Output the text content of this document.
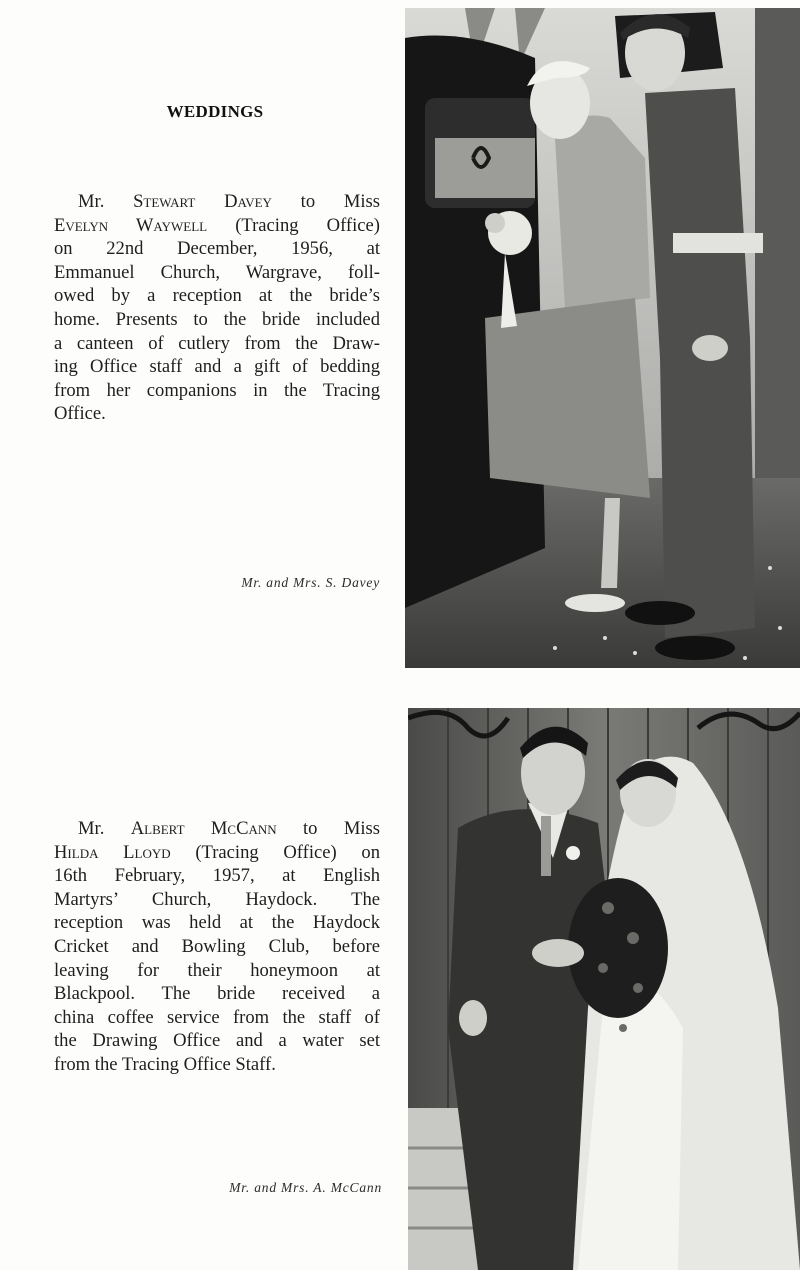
WEDDINGS
Mr. Stewart Davey to Miss
Evelyn Waywell (Tracing Office)
on 22nd December, 1956, at
Emmanuel Church, Wargrave, foll-
owed by a reception at the bride’s
home. Presents to the bride included
a canteen of cutlery from the Draw-
ing Office staff and a gift of bedding
from her companions in the Tracing
Office.
Mr. and Mrs. S. Davey
Mr. Albert McCann to Miss
Hilda Lloyd (Tracing Office) on
16th February, 1957, at English
Martyrs’ Church, Haydock. The
reception was held at the Haydock
Cricket and Bowling Club, before
leaving for their honeymoon at
Blackpool. The bride received a
china coffee service from the staff of
the Drawing Office and a water set
from the Tracing Office Staff.
Mr. and Mrs. A. McCann
